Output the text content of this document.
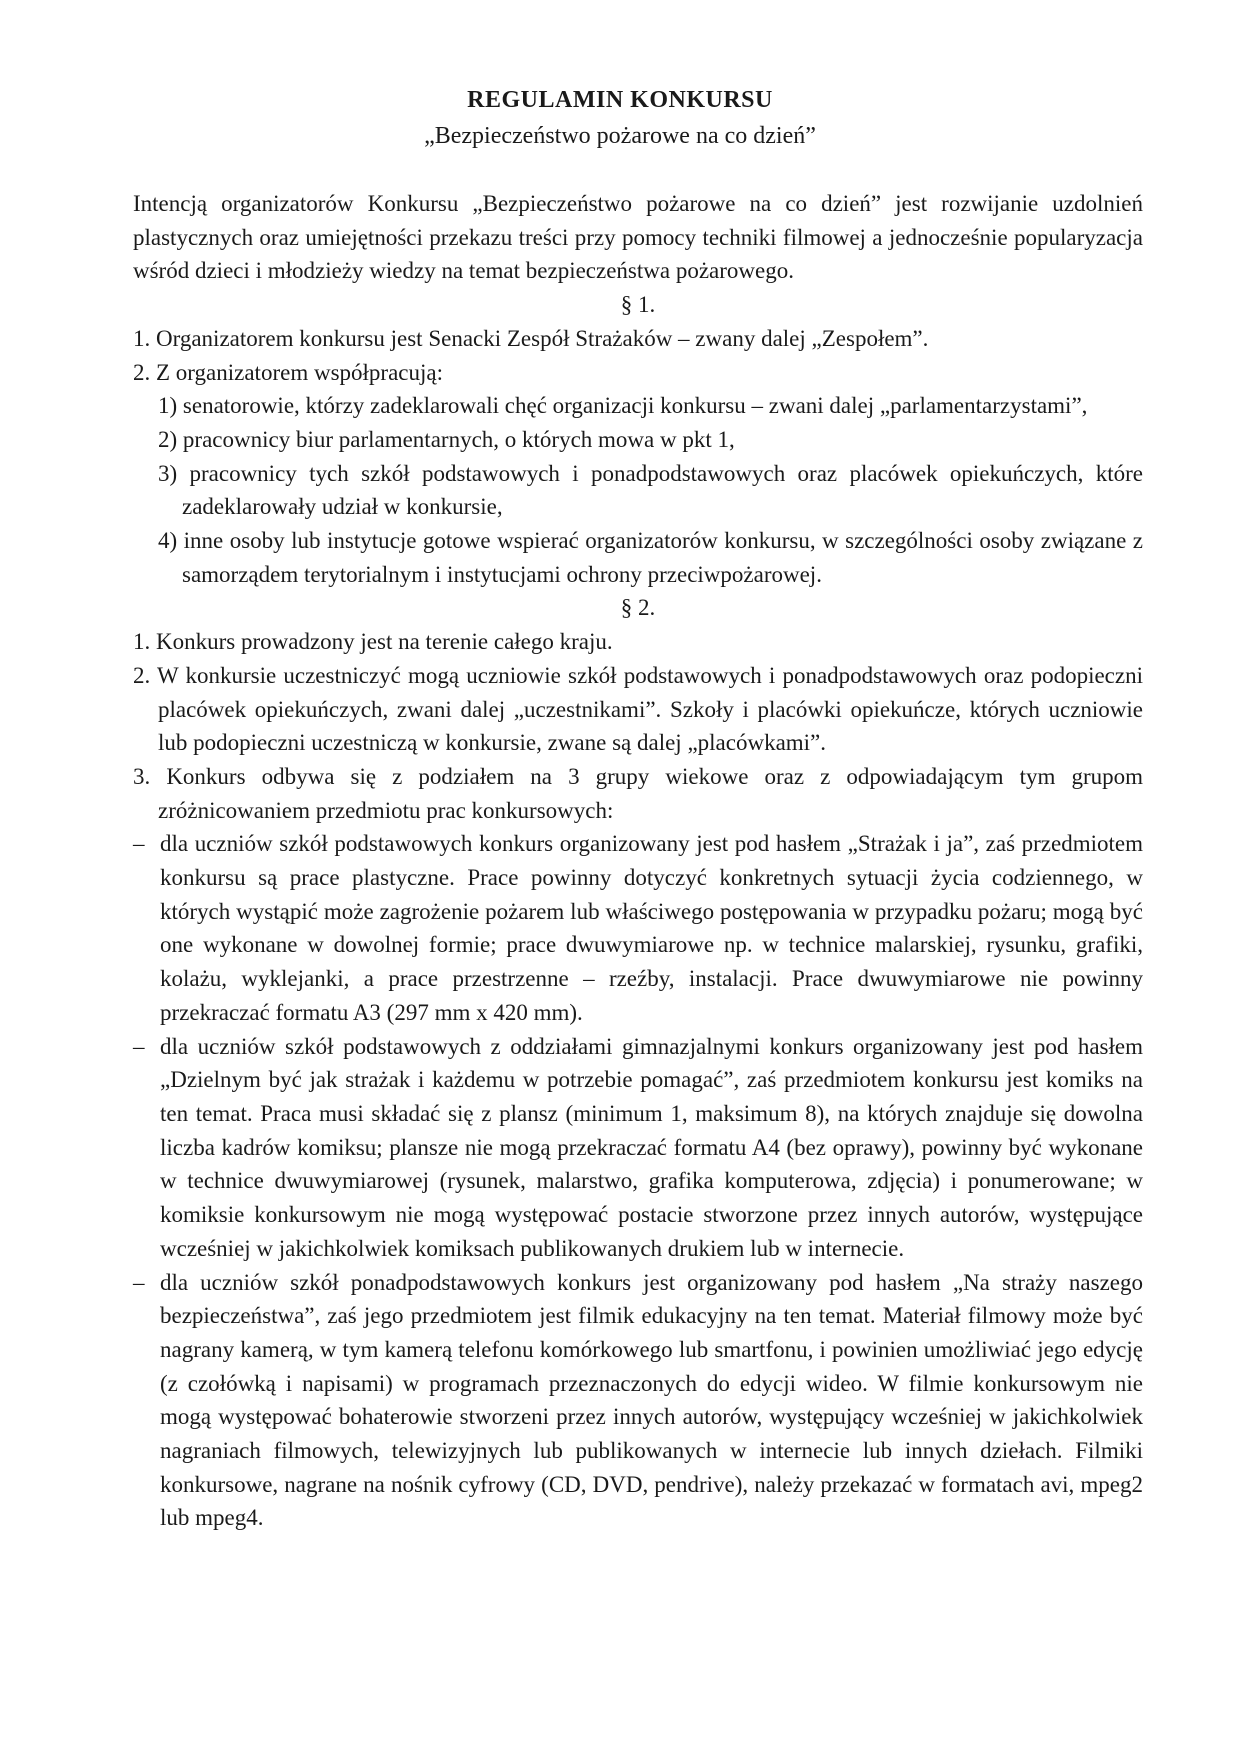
REGULAMIN KONKURSU
„Bezpieczeństwo pożarowe na co dzień”

Intencją organizatorów Konkursu „Bezpieczeństwo pożarowe na co dzień” jest rozwijanie uzdolnień plastycznych oraz umiejętności przekazu treści przy pomocy techniki filmowej a jednocześnie popularyzacja wśród dzieci i młodzieży wiedzy na temat bezpieczeństwa pożarowego.

§ 1.

1. Organizatorem konkursu jest Senacki Zespół Strażaków – zwany dalej „Zespołem”.

2. Z organizatorem współpracują:

1) senatorowie, którzy zadeklarowali chęć organizacji konkursu – zwani dalej „parlamentarzystami”,

2) pracownicy biur parlamentarnych, o których mowa w pkt 1,

3) pracownicy tych szkół podstawowych i ponadpodstawowych oraz placówek opiekuńczych, które zadeklarowały udział w konkursie,

4) inne osoby lub instytucje gotowe wspierać organizatorów konkursu, w szczególności osoby związane z samorządem terytorialnym i instytucjami ochrony przeciwpożarowej.

§ 2.

1. Konkurs prowadzony jest na terenie całego kraju.

2. W konkursie uczestniczyć mogą uczniowie szkół podstawowych i ponadpodstawowych oraz podopieczni placówek opiekuńczych, zwani dalej „uczestnikami”. Szkoły i placówki opiekuńcze, których uczniowie lub podopieczni uczestniczą w konkursie, zwane są dalej „placówkami”.

3. Konkurs odbywa się z podziałem na 3 grupy wiekowe oraz z odpowiadającym tym grupom zróżnicowaniem przedmiotu prac konkursowych:

– dla uczniów szkół podstawowych konkurs organizowany jest pod hasłem „Strażak i ja”, zaś przedmiotem konkursu są prace plastyczne. Prace powinny dotyczyć konkretnych sytuacji życia codziennego, w których wystąpić może zagrożenie pożarem lub właściwego postępowania w przypadku pożaru; mogą być one wykonane w dowolnej formie; prace dwuwymiarowe np. w technice malarskiej, rysunku, grafiki, kolażu, wyklejanki, a prace przestrzenne – rzeźby, instalacji. Prace dwuwymiarowe nie powinny przekraczać formatu A3 (297 mm x 420 mm).

– dla uczniów szkół podstawowych z oddziałami gimnazjalnymi konkurs organizowany jest pod hasłem „Dzielnym być jak strażak i każdemu w potrzebie pomagać”, zaś przedmiotem konkursu jest komiks na ten temat. Praca musi składać się z plansz (minimum 1, maksimum 8), na których znajduje się dowolna liczba kadrów komiksu; plansze nie mogą przekraczać formatu A4 (bez oprawy), powinny być wykonane w technice dwuwymiarowej (rysunek, malarstwo, grafika komputerowa, zdjęcia) i ponumerowane; w komiksie konkursowym nie mogą występować postacie stworzone przez innych autorów, występujące wcześniej w jakichkolwiek komiksach publikowanych drukiem lub w internecie.

– dla uczniów szkół ponadpodstawowych konkurs jest organizowany pod hasłem „Na straży naszego bezpieczeństwa”, zaś jego przedmiotem jest filmik edukacyjny na ten temat. Materiał filmowy może być nagrany kamerą, w tym kamerą telefonu komórkowego lub smartfonu, i powinien umożliwiać jego edycję (z czołówką i napisami) w programach przeznaczonych do edycji wideo. W filmie konkursowym nie mogą występować bohaterowie stworzeni przez innych autorów, występujący wcześniej w jakichkolwiek nagraniach filmowych, telewizyjnych lub publikowanych w internecie lub innych dziełach. Filmiki konkursowe, nagrane na nośnik cyfrowy (CD, DVD, pendrive), należy przekazać w formatach avi, mpeg2 lub mpeg4.
